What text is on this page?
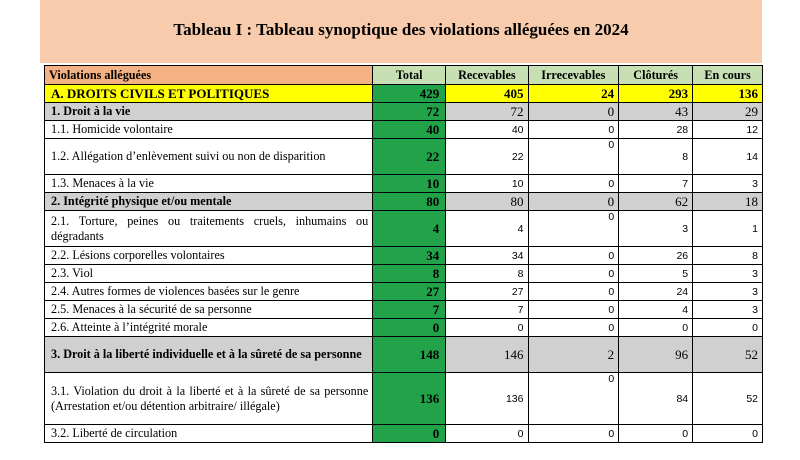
Tableau I : Tableau synoptique des violations alléguées en 2024
Violations alléguées	Total	Recevables	Irrecevables	Clôturés	En cours
A. DROITS CIVILS ET POLITIQUES	429	405	24	293	136
1. Droit à la vie	72	72	0	43	29
1.1. Homicide volontaire	40	40	0	28	12
1.2. Allégation d’enlèvement suivi ou non de disparition	22	22	0	8	14
1.3. Menaces à la vie	10	10	0	7	3
2. Intégrité physique et/ou mentale	80	80	0	62	18
2.1. Torture, peines ou traitements cruels, inhumains ou dégradants	4	4	0	3	1
2.2. Lésions corporelles volontaires	34	34	0	26	8
2.3. Viol	8	8	0	5	3
2.4. Autres formes de violences basées sur le genre	27	27	0	24	3
2.5. Menaces à la sécurité de sa personne	7	7	0	4	3
2.6. Atteinte à l’intégrité morale	0	0	0	0	0
3. Droit à la liberté individuelle et à la sûreté de sa personne	148	146	2	96	52
3.1. Violation du droit à la liberté et à la sûreté de sa personne (Arrestation et/ou détention arbitraire/ illégale)	136	136	0	84	52
3.2. Liberté de circulation	0	0	0	0	0
